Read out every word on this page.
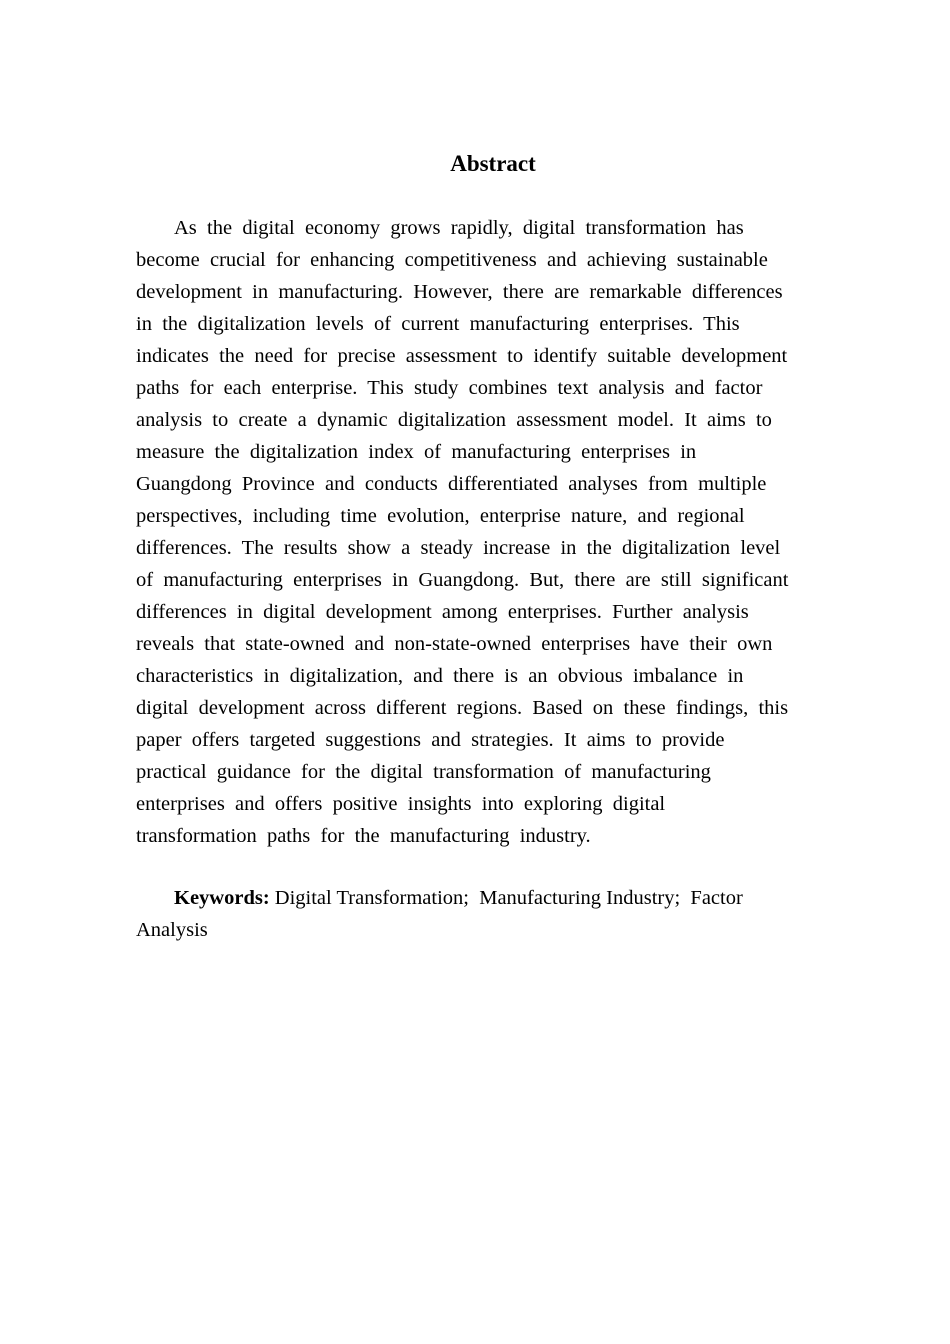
Abstract
As  the  digital  economy  grows  rapidly,  digital  transformation  has
become  crucial  for  enhancing  competitiveness  and  achieving  sustainable
development  in  manufacturing.  However,  there  are  remarkable  differences
in  the  digitalization  levels  of  current  manufacturing  enterprises.  This
indicates  the  need  for  precise  assessment  to  identify  suitable  development
paths  for  each  enterprise.  This  study  combines  text  analysis  and  factor
analysis  to  create  a  dynamic  digitalization  assessment  model.  It  aims  to
measure  the  digitalization  index  of  manufacturing  enterprises  in
Guangdong  Province  and  conducts  differentiated  analyses  from  multiple
perspectives,  including  time  evolution,  enterprise  nature,  and  regional
differences.  The  results  show  a  steady  increase  in  the  digitalization  level
of  manufacturing  enterprises  in  Guangdong.  But,  there  are  still  significant
differences  in  digital  development  among  enterprises.  Further  analysis
reveals  that  state-owned  and  non-state-owned  enterprises  have  their  own
characteristics  in  digitalization,  and  there  is  an  obvious  imbalance  in
digital  development  across  different  regions.  Based  on  these  findings,  this
paper  offers  targeted  suggestions  and  strategies.  It  aims  to  provide
practical  guidance  for  the  digital  transformation  of  manufacturing
enterprises  and  offers  positive  insights  into  exploring  digital
transformation  paths  for  the  manufacturing  industry.
Keywords: Digital Transformation;  Manufacturing Industry;  Factor
Analysis
